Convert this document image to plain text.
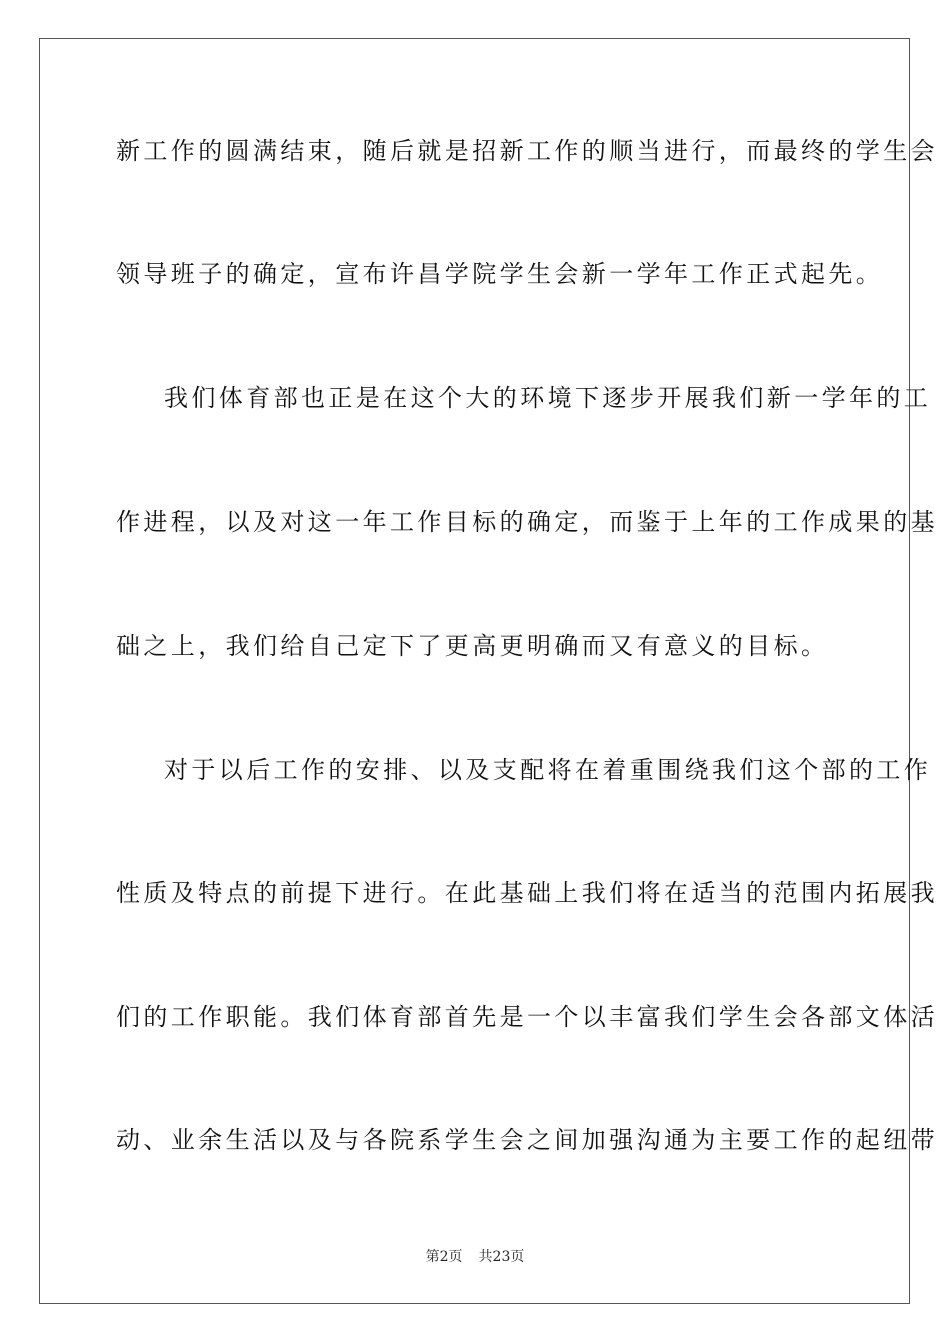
新工作的圆满结束，随后就是招新工作的顺当进行，而最终的学生会
领导班子的确定，宣布许昌学院学生会新一学年工作正式起先。
我们体育部也正是在这个大的环境下逐步开展我们新一学年的工
作进程，以及对这一年工作目标的确定，而鉴于上年的工作成果的基
础之上，我们给自己定下了更高更明确而又有意义的目标。
对于以后工作的安排、以及支配将在着重围绕我们这个部的工作
性质及特点的前提下进行。在此基础上我们将在适当的范围内拓展我
们的工作职能。我们体育部首先是一个以丰富我们学生会各部文体活
动、业余生活以及与各院系学生会之间加强沟通为主要工作的起纽带
第2页 共23页
